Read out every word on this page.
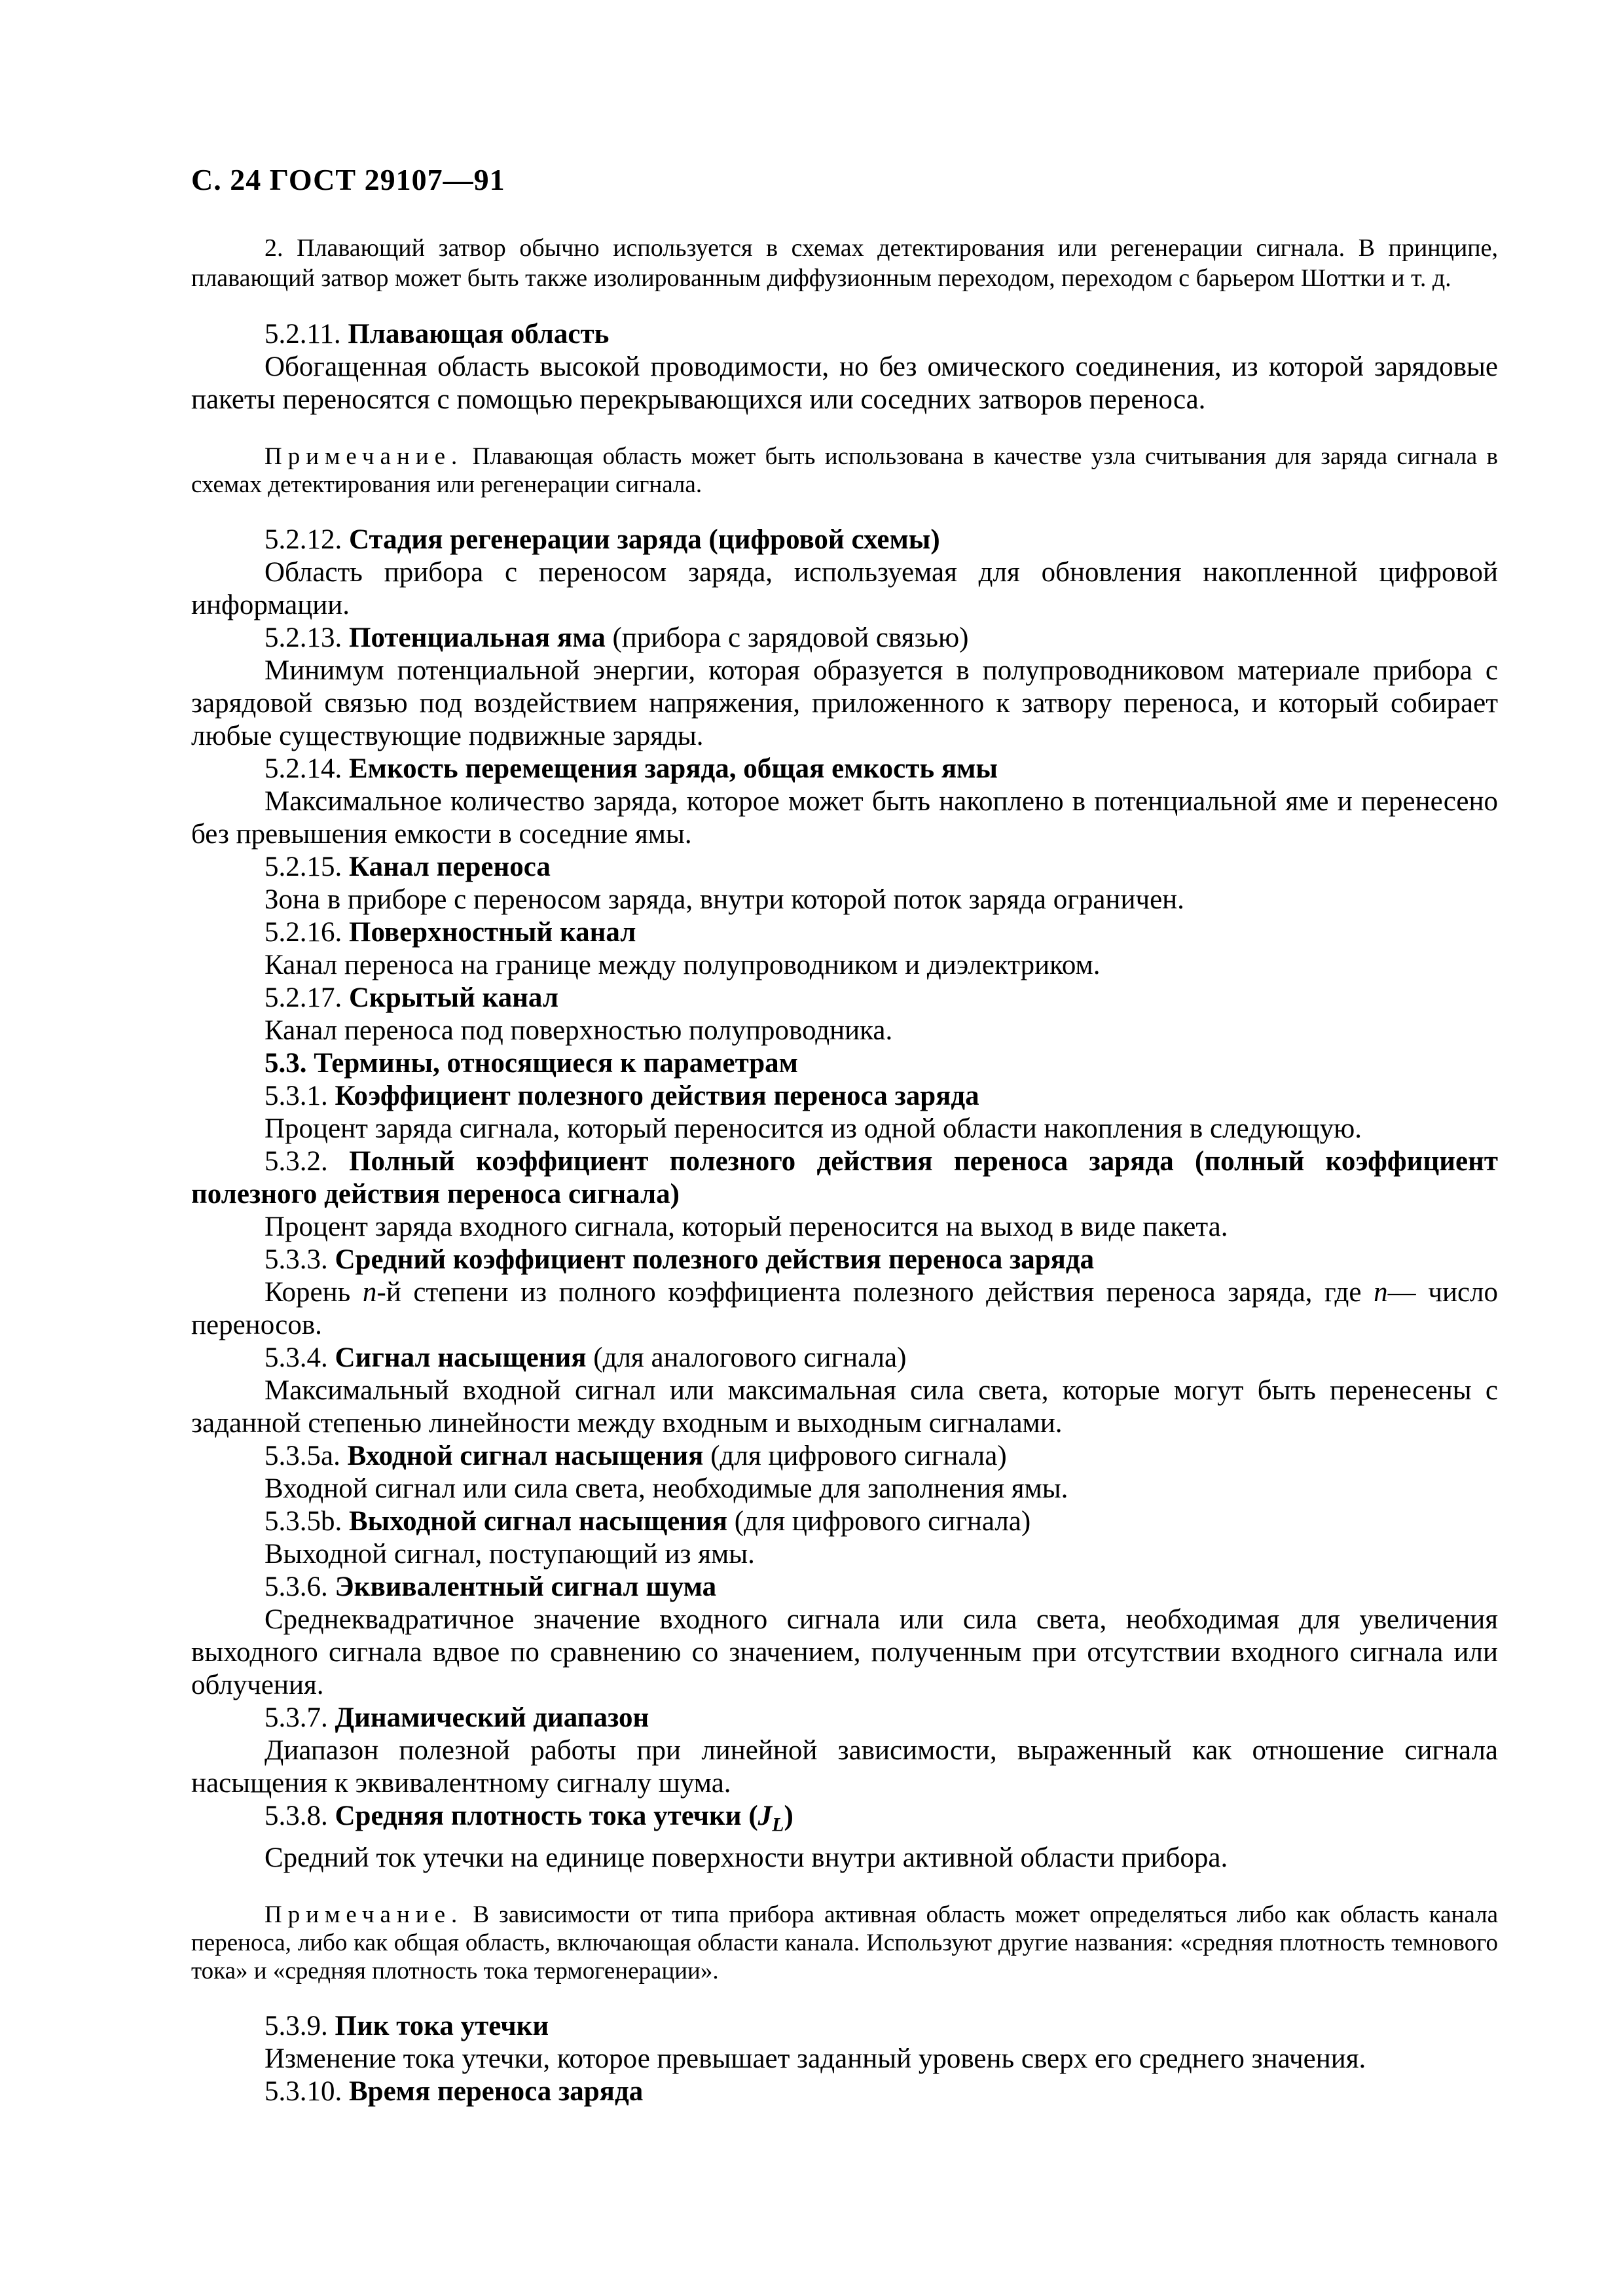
С. 24 ГОСТ 29107—91

2. Плавающий затвор обычно используется в схемах детектирования или регенерации сигнала. В принципе, плавающий затвор может быть также изолированным диффузионным переходом, переходом с барьером Шоттки и т. д.

5.2.11. Плавающая область

Обогащенная область высокой проводимости, но без омического соединения, из которой зарядовые пакеты переносятся с помощью перекрывающихся или соседних затворов переноса.

Примечание. Плавающая область может быть использована в качестве узла считывания для заряда сигнала в схемах детектирования или регенерации сигнала.

5.2.12. Стадия регенерации заряда (цифровой схемы)

Область прибора с переносом заряда, используемая для обновления накопленной цифровой информации.

5.2.13. Потенциальная яма (прибора с зарядовой связью)

Минимум потенциальной энергии, которая образуется в полупроводниковом материале прибора с зарядовой связью под воздействием напряжения, приложенного к затвору переноса, и который собирает любые существующие подвижные заряды.

5.2.14. Емкость перемещения заряда, общая емкость ямы

Максимальное количество заряда, которое может быть накоплено в потенциальной яме и перенесено без превышения емкости в соседние ямы.

5.2.15. Канал переноса

Зона в приборе с переносом заряда, внутри которой поток заряда ограничен.

5.2.16. Поверхностный канал

Канал переноса на границе между полупроводником и диэлектриком.

5.2.17. Скрытый канал

Канал переноса под поверхностью полупроводника.

5.3. Термины, относящиеся к параметрам

5.3.1. Коэффициент полезного действия переноса заряда

Процент заряда сигнала, который переносится из одной области накопления в следующую.

5.3.2. Полный коэффициент полезного действия переноса заряда (полный коэффициент полезного действия переноса сигнала)

Процент заряда входного сигнала, который переносится на выход в виде пакета.

5.3.3. Средний коэффициент полезного действия переноса заряда

Корень n-й степени из полного коэффициента полезного действия переноса заряда, где n— число переносов.

5.3.4. Сигнал насыщения (для аналогового сигнала)

Максимальный входной сигнал или максимальная сила света, которые могут быть перенесены с заданной степенью линейности между входным и выходным сигналами.

5.3.5a. Входной сигнал насыщения (для цифрового сигнала)

Входной сигнал или сила света, необходимые для заполнения ямы.

5.3.5b. Выходной сигнал насыщения (для цифрового сигнала)

Выходной сигнал, поступающий из ямы.

5.3.6. Эквивалентный сигнал шума

Среднеквадратичное значение входного сигнала или сила света, необходимая для увеличения выходного сигнала вдвое по сравнению со значением, полученным при отсутствии входного сигнала или облучения.

5.3.7. Динамический диапазон

Диапазон полезной работы при линейной зависимости, выраженный как отношение сигнала насыщения к эквивалентному сигналу шума.

5.3.8. Средняя плотность тока утечки $(J_L)$

Средний ток утечки на единице поверхности внутри активной области прибора.

Примечание. В зависимости от типа прибора активная область может определяться либо как область канала переноса, либо как общая область, включающая области канала. Используют другие названия: «средняя плотность темнового тока» и «средняя плотность тока термогенерации».

5.3.9. Пик тока утечки

Изменение тока утечки, которое превышает заданный уровень сверх его среднего значения.

5.3.10. Время переноса заряда
